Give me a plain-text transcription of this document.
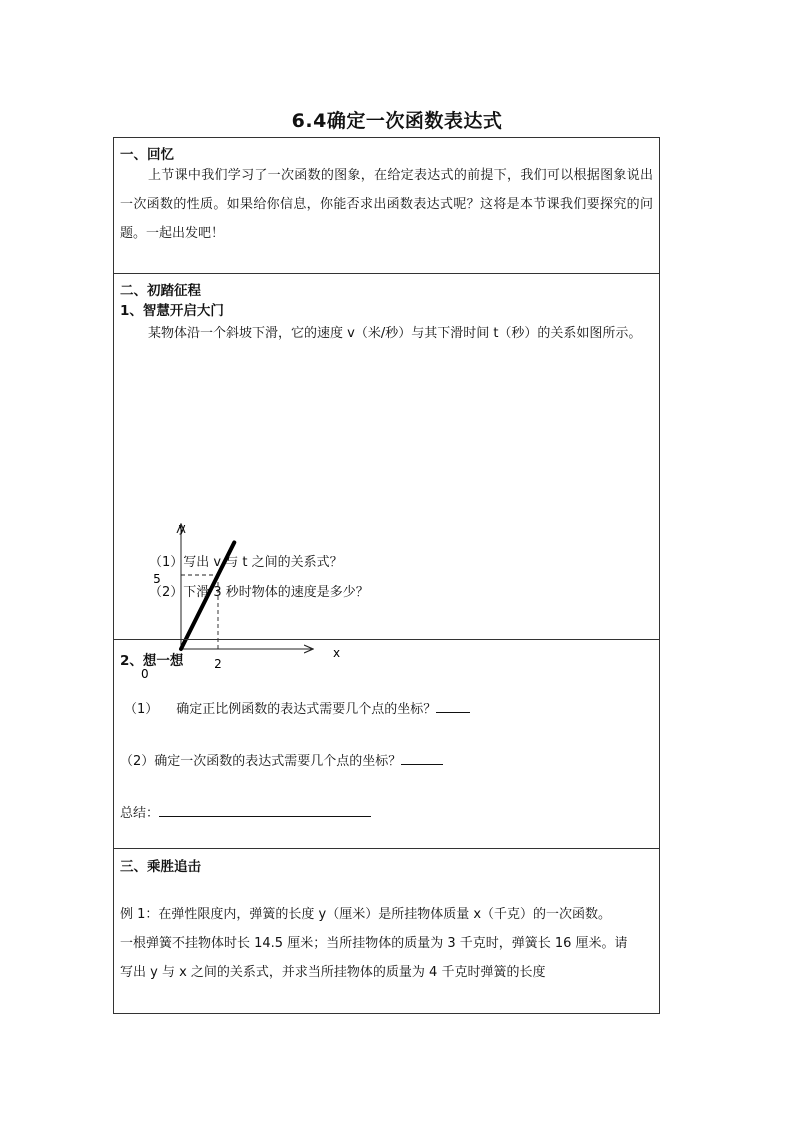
6.4确定一次函数表达式
一、回忆
上节课中我们学习了一次函数的图象，在给定表达式的前提下，我们可以根据图象说出一次函数的性质。如果给你信息，你能否求出函数表达式呢？这将是本节课我们要探究的问题。一起出发吧！
二、初踏征程
1、智慧开启大门
某物体沿一个斜坡下滑，它的速度 v（米/秒）与其下滑时间 t（秒）的关系如图所示。
y
x
0
2
5
（1）写出 v 与 t 之间的关系式？
（2）下滑 3 秒时物体的速度是多少？
2、想一想
（1） 确定正比例函数的表达式需要几个点的坐标？
（2）确定一次函数的表达式需要几个点的坐标？
总结：
三、乘胜追击
例 1：在弹性限度内，弹簧的长度 y（厘米）是所挂物体质量 x（千克）的一次函数。
一根弹簧不挂物体时长 14.5 厘米；当所挂物体的质量为 3 千克时，弹簧长 16 厘米。请
写出 y 与 x 之间的关系式，并求当所挂物体的质量为 4 千克时弹簧的长度
